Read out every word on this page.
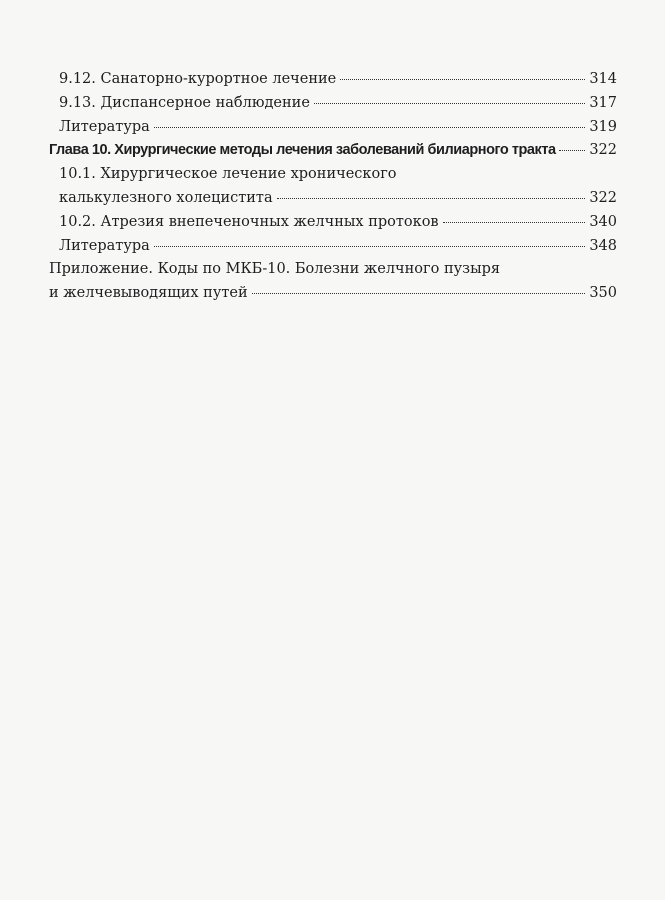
9.12. Санаторно-курортное лечение	314
9.13. Диспансерное наблюдение	317
Литература	319
Глава 10. Хирургические методы лечения заболеваний билиарного тракта 322
10.1. Хирургическое лечение хронического
калькулезного холецистита	322
10.2. Атрезия внепеченочных желчных протоков	340
Литература	348
Приложение. Коды по МКБ-10. Болезни желчного пузыря
и желчевыводящих путей	350
